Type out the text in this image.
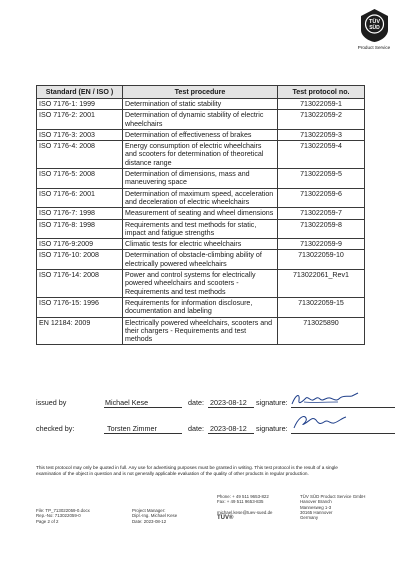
TÜV
SÜD
Product Service
Standard (EN / ISO )	Test procedure	Test protocol no.
ISO 7176-1: 1999	Determination of static stability	713022059-1
ISO 7176-2: 2001	Determination of dynamic stability of electric wheelchairs	713022059-2
ISO 7176-3: 2003	Determination of effectiveness of brakes	713022059-3
ISO 7176-4: 2008	Energy consumption of electric wheelchairs and scooters for determination of theoretical distance range	713022059-4
ISO 7176-5: 2008	Determination of dimensions, mass and maneuvering space	713022059-5
ISO 7176-6: 2001	Determination of maximum speed, acceleration and deceleration of electric wheelchairs	713022059-6
ISO 7176-7: 1998	Measurement of seating and wheel dimensions	713022059-7
ISO 7176-8: 1998	Requirements and test methods for static, impact and fatigue strengths	713022059-8
ISO 7176-9:2009	Climatic tests for electric wheelchairs	713022059-9
ISO 7176-10: 2008	Determination of obstacle-climbing ability of electrically powered wheelchairs	713022059-10
ISO 7176-14: 2008	Power and control systems for electrically powered wheelchairs and scooters - Requirements and test methods	713022061_Rev1
ISO 7176-15: 1996	Requirements for information disclosure, documentation and labeling	713022059-15
EN 12184: 2009	Electrically powered wheelchairs, scooters and their chargers - Requirements and test methods	713025890
issued by	Michael Kese	date: 2023-08-12 signature:
checked by:	Torsten Zimmer	date: 2023-08-12 signature:
This test protocol may only be quoted in full. Any use for advertising purposes must be granted in writing. This test protocol is the result of a single examination of the object in question and is not generally applicable evaluation of the quality of other products in regular production.
File: TP_713022059-0.docx
Rep.-No: 713022059-0
Page 2 of 2
Project Manager:
Dipl.-Ing. Michael Kese
Date: 2023-08-12
Phone: + 49 511 9653-822
Fax: + 49 511 9653-835
michael.kese@tuev-sued.de
TÜV®
TÜV SÜD Product Service GmbH
Hanover Branch
Mannesweg 1-3
30165 Hannover
Germany
